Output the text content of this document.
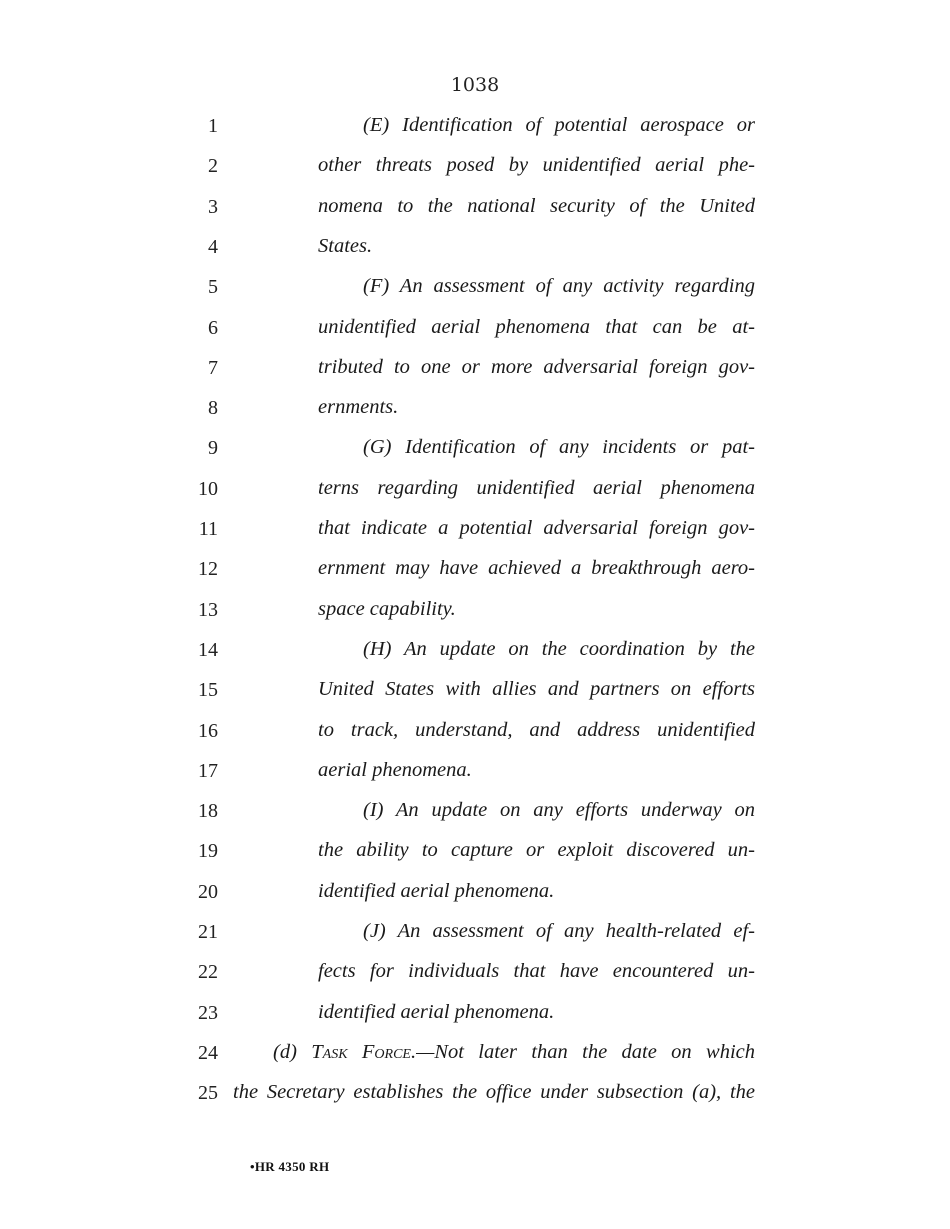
1038
1	(E) Identification of potential aerospace or
2	other threats posed by unidentified aerial phe-
3	nomena to the national security of the United
4	States.
5	(F) An assessment of any activity regarding
6	unidentified aerial phenomena that can be at-
7	tributed to one or more adversarial foreign gov-
8	ernments.
9	(G) Identification of any incidents or pat-
10	terns regarding unidentified aerial phenomena
11	that indicate a potential adversarial foreign gov-
12	ernment may have achieved a breakthrough aero-
13	space capability.
14	(H) An update on the coordination by the
15	United States with allies and partners on efforts
16	to track, understand, and address unidentified
17	aerial phenomena.
18	(I) An update on any efforts underway on
19	the ability to capture or exploit discovered un-
20	identified aerial phenomena.
21	(J) An assessment of any health-related ef-
22	fects for individuals that have encountered un-
23	identified aerial phenomena.
24	(d) Task Force.—Not later than the date on which
25 the Secretary establishes the office under subsection (a), the
•HR 4350 RH
